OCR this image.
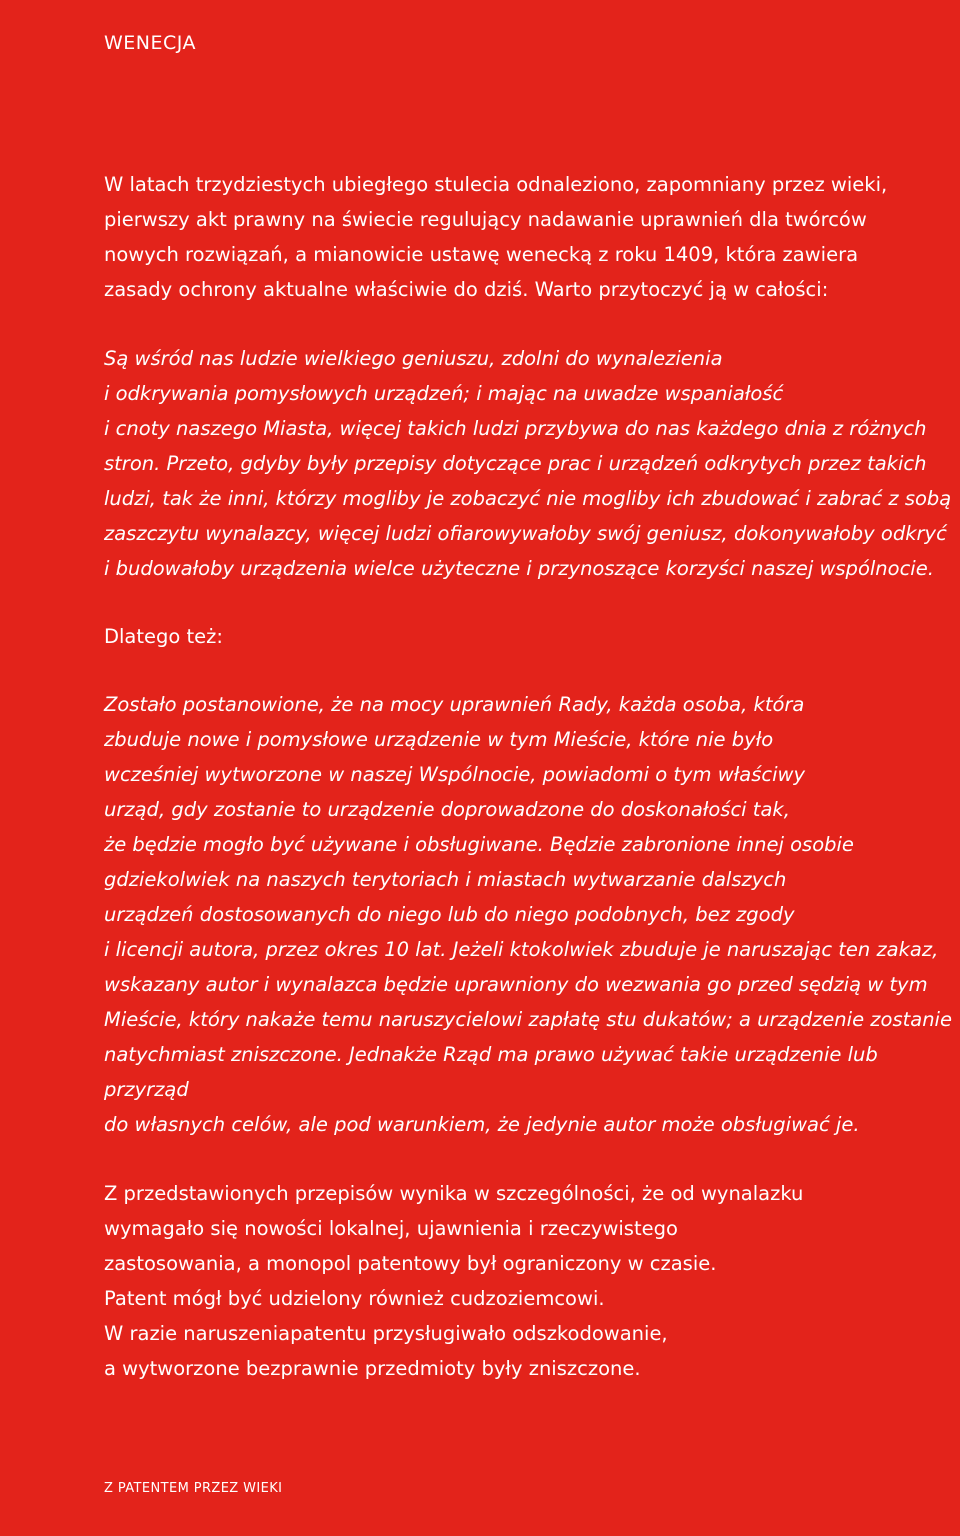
WENECJA

W latach trzydziestych ubiegłego stulecia odnaleziono, zapomniany przez wieki,
pierwszy akt prawny na świecie regulujący nadawanie uprawnień dla twórców
nowych rozwiązań, a mianowicie ustawę wenecką z roku 1409, która zawiera
zasady ochrony aktualne właściwie do dziś. Warto przytoczyć ją w całości:

Są wśród nas ludzie wielkiego geniuszu, zdolni do wynalezienia
i odkrywania pomysłowych urządzeń; i mając na uwadze wspaniałość
i cnoty naszego Miasta, więcej takich ludzi przybywa do nas każdego dnia z różnych
stron. Przeto, gdyby były przepisy dotyczące prac i urządzeń odkrytych przez takich
ludzi, tak że inni, którzy mogliby je zobaczyć nie mogliby ich zbudować i zabrać z sobą
zaszczytu wynalazcy, więcej ludzi ofiarowywałoby swój geniusz, dokonywałoby odkryć
i budowałoby urządzenia wielce użyteczne i przynoszące korzyści naszej wspólnocie.

Dlatego też:

Zostało postanowione, że na mocy uprawnień Rady, każda osoba, która
zbuduje nowe i pomysłowe urządzenie w tym Mieście, które nie było
wcześniej wytworzone w naszej Wspólnocie, powiadomi o tym właściwy
urząd, gdy zostanie to urządzenie doprowadzone do doskonałości tak,
że będzie mogło być używane i obsługiwane. Będzie zabronione innej osobie
gdziekolwiek na naszych terytoriach i miastach wytwarzanie dalszych
urządzeń dostosowanych do niego lub do niego podobnych, bez zgody
i licencji autora, przez okres 10 lat. Jeżeli ktokolwiek zbuduje je naruszając ten zakaz,
wskazany autor i wynalazca będzie uprawniony do wezwania go przed sędzią w tym
Mieście, który nakaże temu naruszycielowi zapłatę stu dukatów; a urządzenie zostanie
natychmiast zniszczone. Jednakże Rząd ma prawo używać takie urządzenie lub przyrząd
do własnych celów, ale pod warunkiem, że jedynie autor może obsługiwać je.

Z przedstawionych przepisów wynika w szczególności, że od wynalazku
wymagało się nowości lokalnej, ujawnienia i rzeczywistego
zastosowania, a monopol patentowy był ograniczony w czasie.
Patent mógł być udzielony również cudzoziemcowi.
W razie naruszeniapatentu przysługiwało odszkodowanie,
a wytworzone bezprawnie przedmioty były zniszczone.

Z PATENTEM PRZEZ WIEKI
